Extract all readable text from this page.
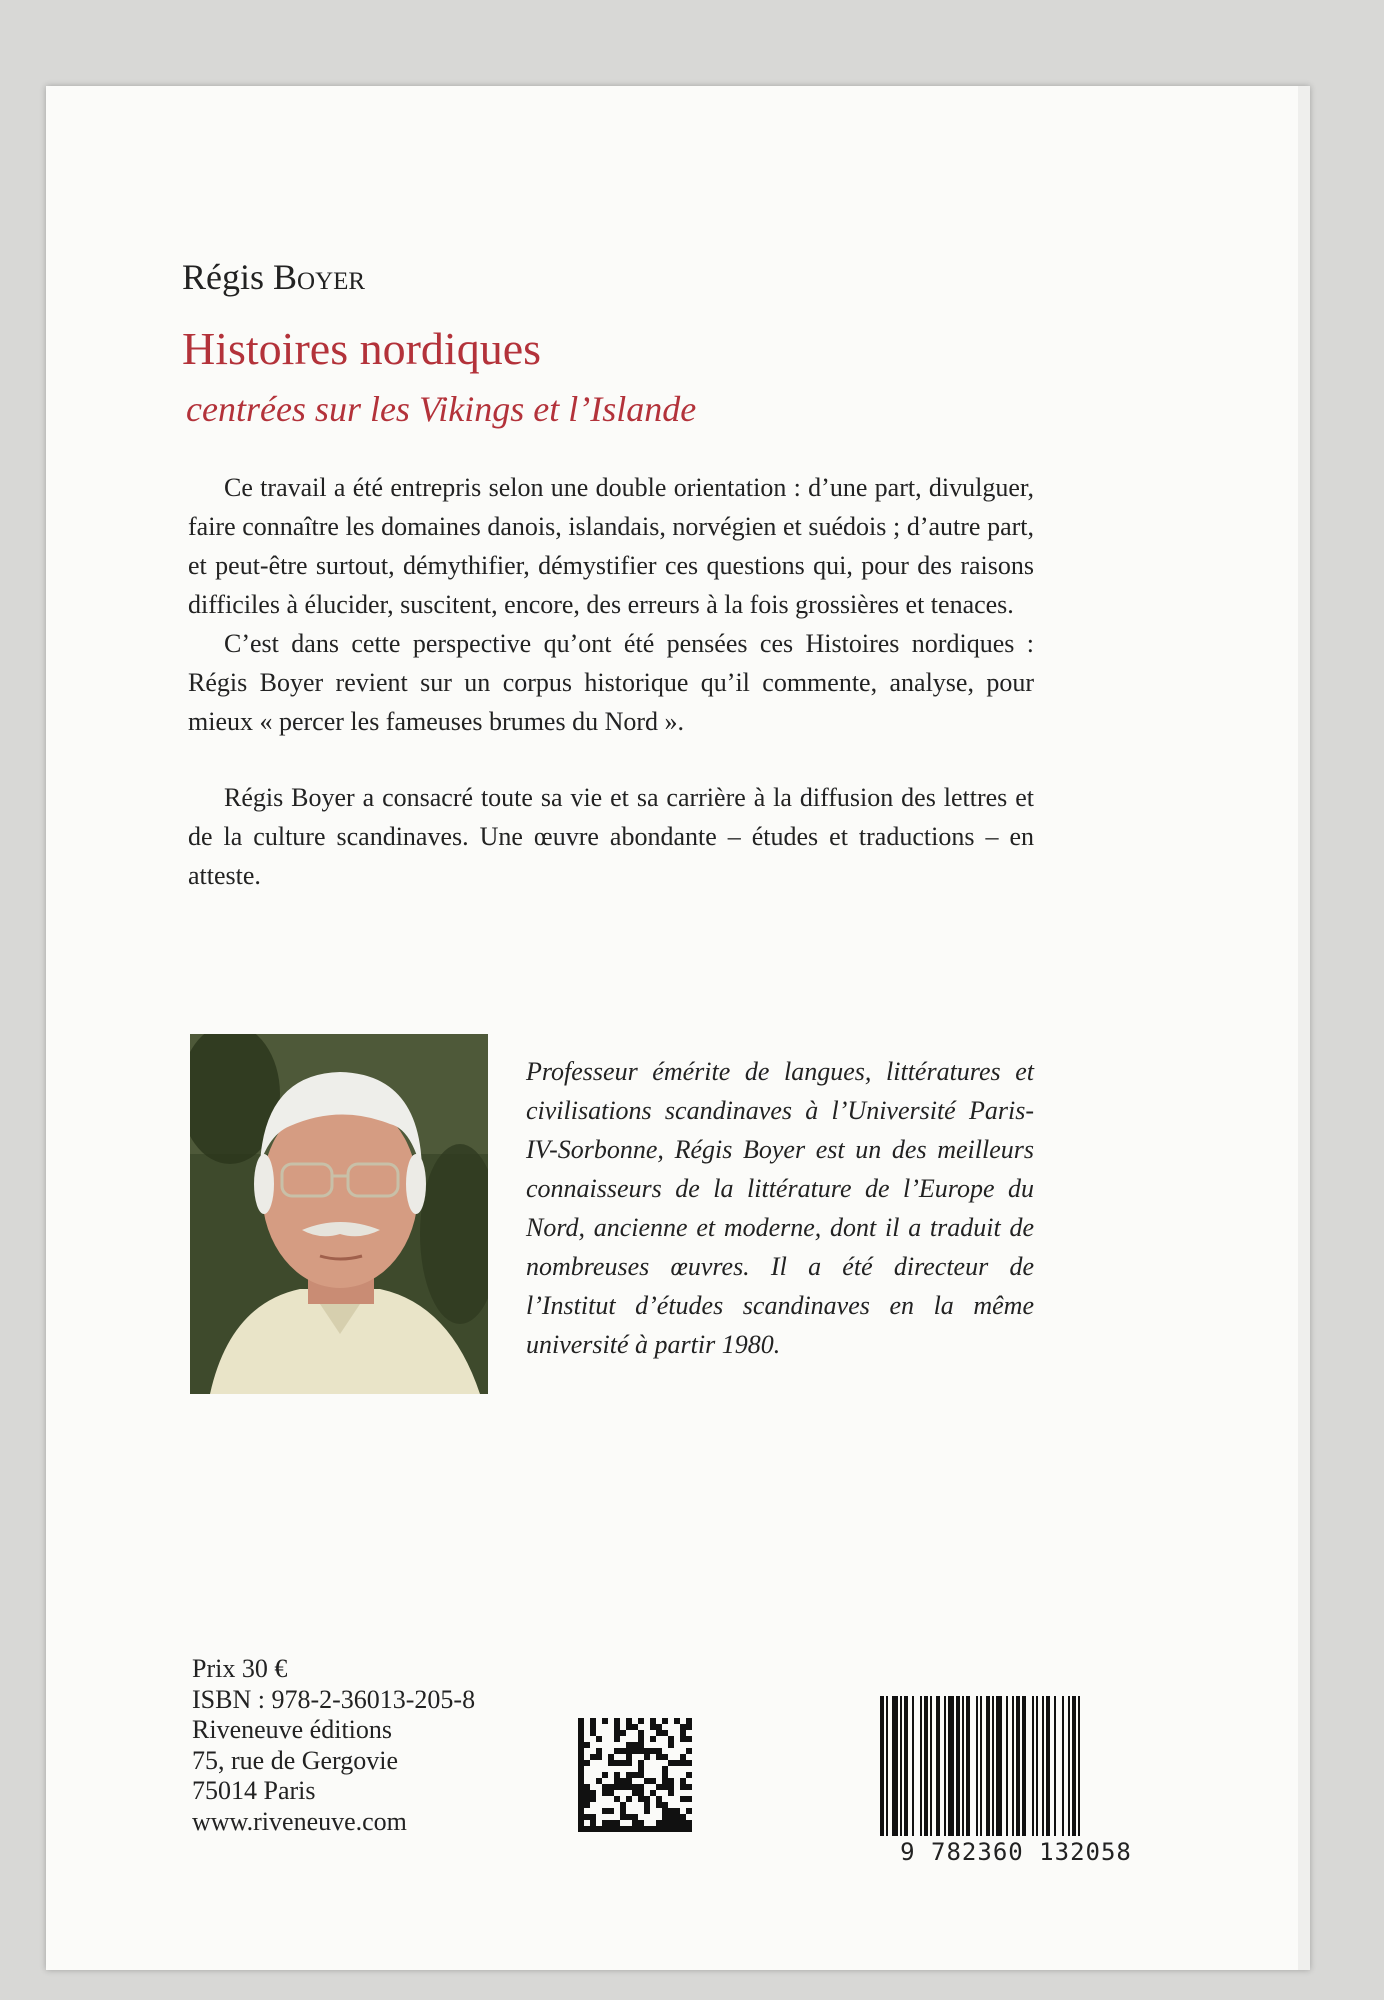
Régis Boyer
Histoires nordiques
centrées sur les Vikings et l’Islande

Ce travail a été entrepris selon une double orientation : d’une part, divulguer, faire connaître les domaines danois, islandais, norvégien et suédois ; d’autre part, et peut-être surtout, démythifier, démystifier ces questions qui, pour des raisons difficiles à élucider, suscitent, encore, des erreurs à la fois grossières et tenaces.

C’est dans cette perspective qu’ont été pensées ces Histoires nordiques : Régis Boyer revient sur un corpus historique qu’il commente, analyse, pour mieux « percer les fameuses brumes du Nord ».

Régis Boyer a consacré toute sa vie et sa carrière à la diffusion des lettres et de la culture scandinaves. Une œuvre abondante – études et traductions – en atteste.

Professeur émérite de langues, littératures et civilisations scandinaves à l’Université Paris-IV-Sorbonne, Régis Boyer est un des meilleurs connaisseurs de la littérature de l’Europe du Nord, ancienne et moderne, dont il a traduit de nombreuses œuvres. Il a été directeur de l’Institut d’études scandinaves en la même université à partir 1980.
Prix 30 €
ISBN : 978-2-36013-205-8
Riveneuve éditions
75, rue de Gergovie
75014 Paris
www.riveneuve.com
9 782360 132058
